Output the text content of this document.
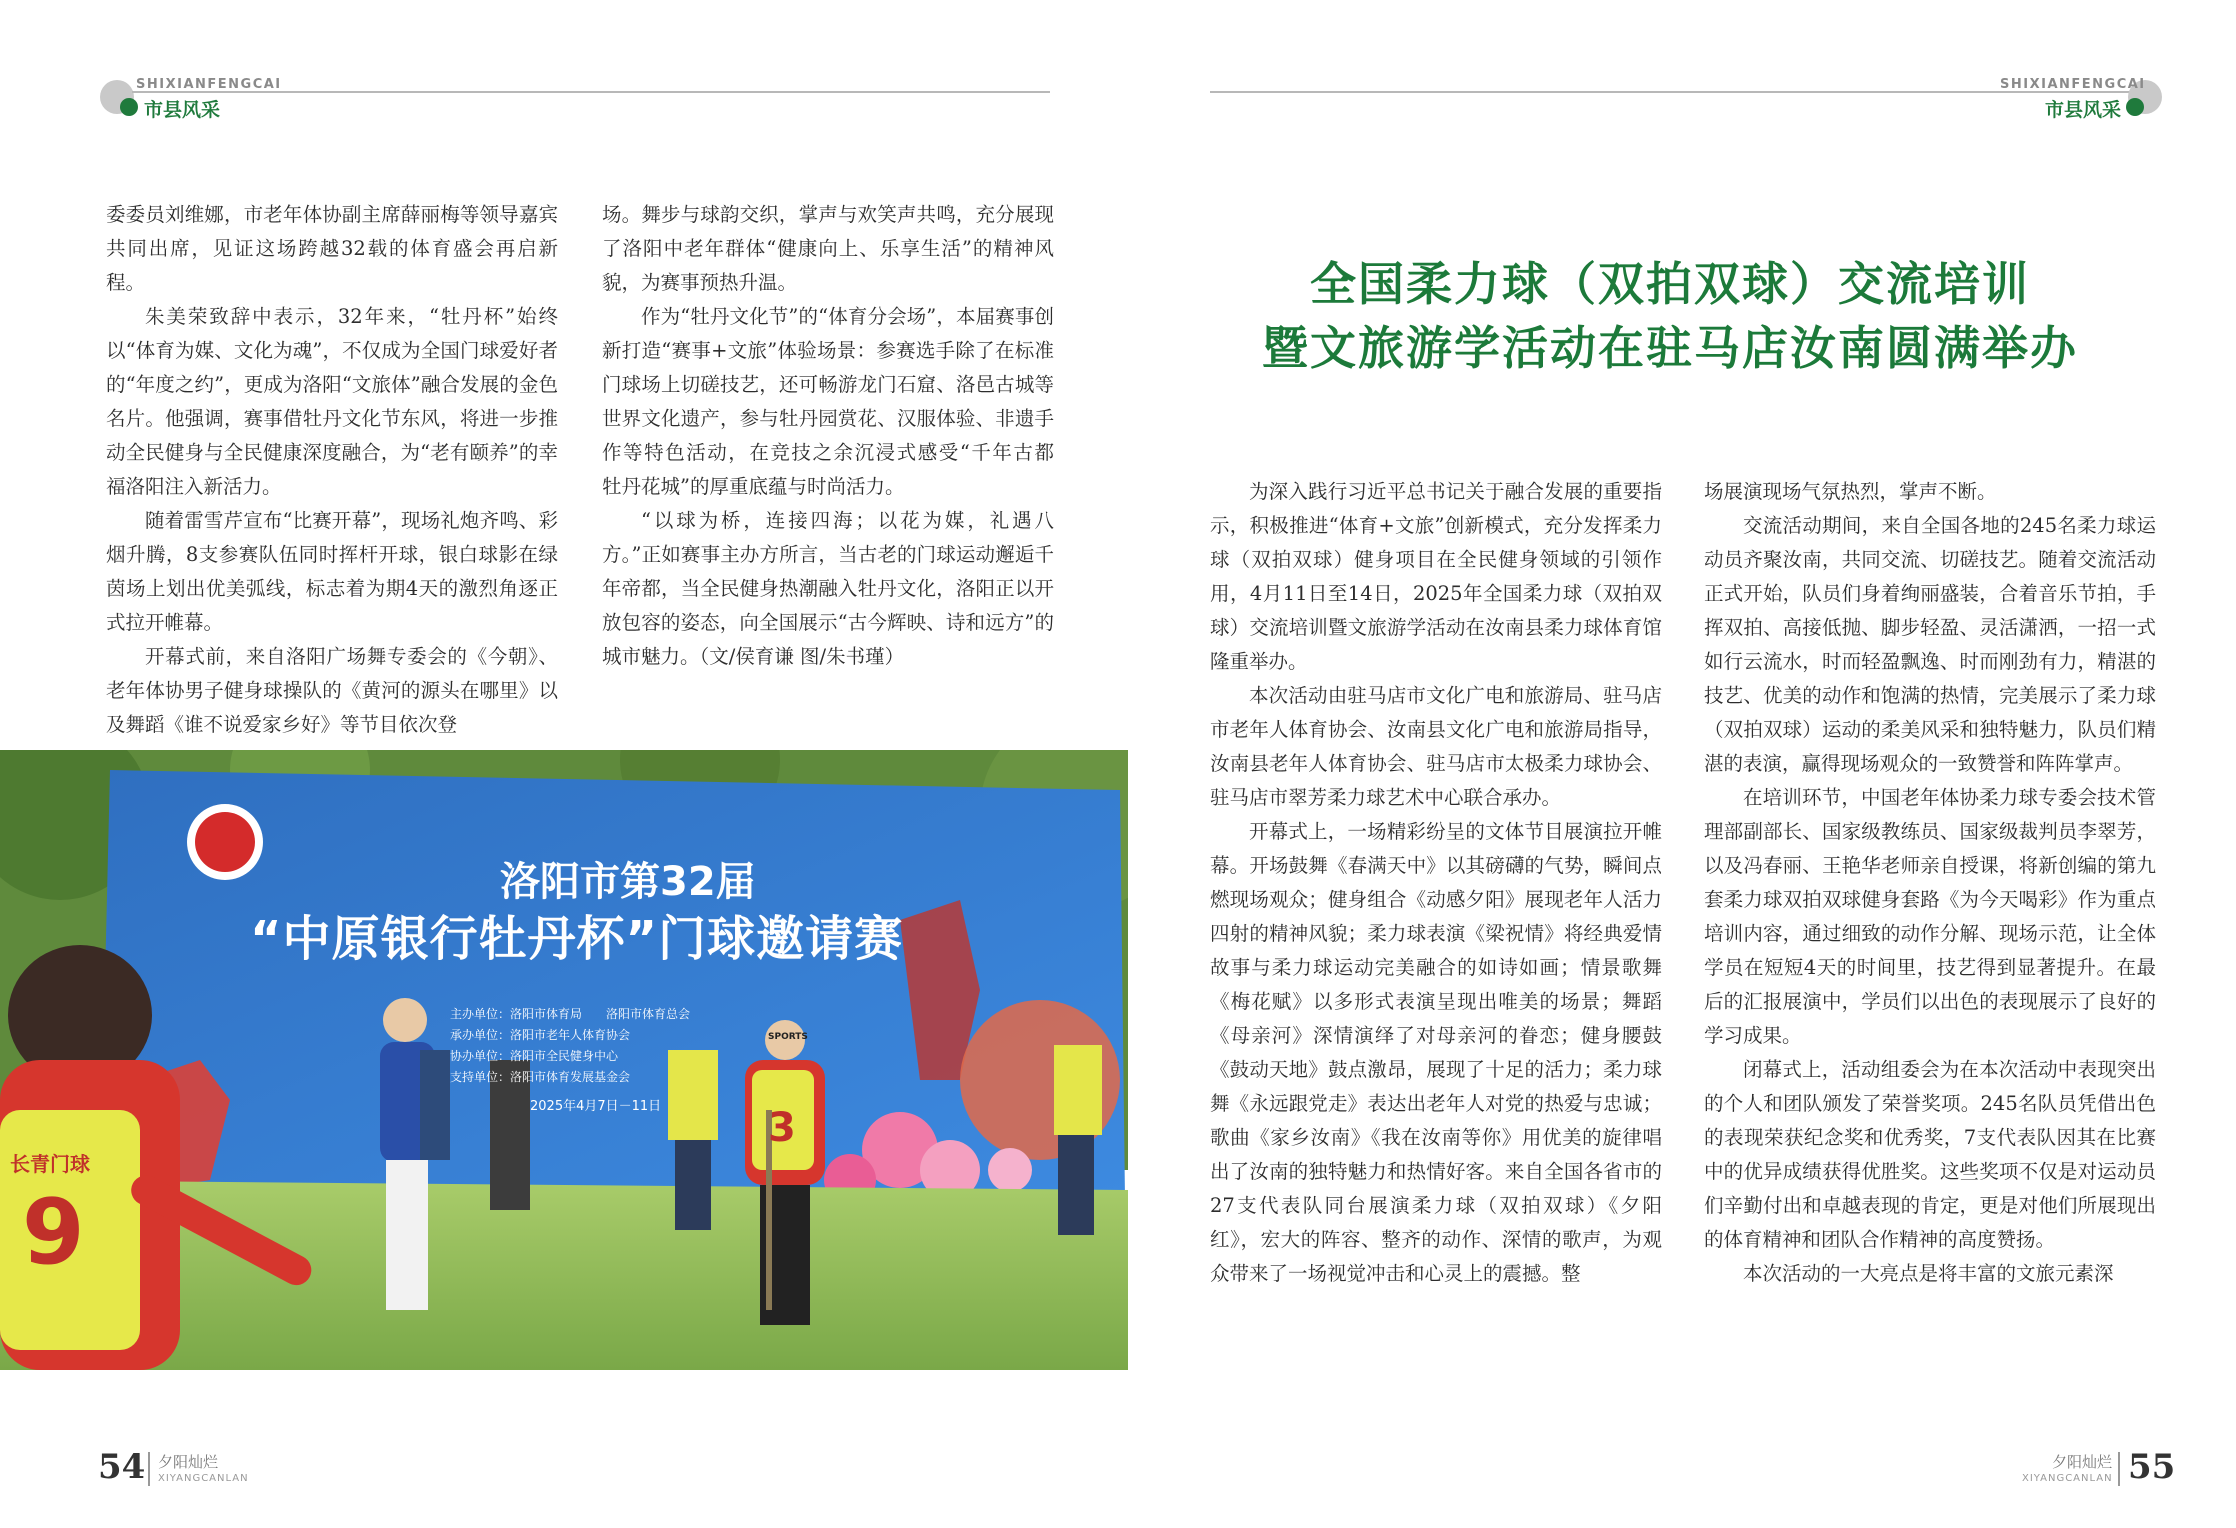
SHIXIANFENGCAI
市县风采
SHIXIANFENGCAI
市县风采

委委员刘维娜，市老年体协副主席薛丽梅等领导嘉宾共同出席，见证这场跨越32载的体育盛会再启新程。

朱美荣致辞中表示，32年来，“牡丹杯”始终以“体育为媒、文化为魂”，不仅成为全国门球爱好者的“年度之约”，更成为洛阳“文旅体”融合发展的金色名片。他强调，赛事借牡丹文化节东风，将进一步推动全民健身与全民健康深度融合，为“老有颐养”的幸福洛阳注入新活力。

随着雷雪芹宣布“比赛开幕”，现场礼炮齐鸣、彩烟升腾，8支参赛队伍同时挥杆开球，银白球影在绿茵场上划出优美弧线，标志着为期4天的激烈角逐正式拉开帷幕。

开幕式前，来自洛阳广场舞专委会的《今朝》、老年体协男子健身球操队的《黄河的源头在哪里》以及舞蹈《谁不说爱家乡好》等节目依次登

场。舞步与球韵交织，掌声与欢笑声共鸣，充分展现了洛阳中老年群体“健康向上、乐享生活”的精神风貌，为赛事预热升温。

作为“牡丹文化节”的“体育分会场”，本届赛事创新打造“赛事+文旅”体验场景：参赛选手除了在标准门球场上切磋技艺，还可畅游龙门石窟、洛邑古城等世界文化遗产，参与牡丹园赏花、汉服体验、非遗手作等特色活动，在竞技之余沉浸式感受“千年古都　牡丹花城”的厚重底蕴与时尚活力。

“以球为桥，连接四海；以花为媒，礼遇八方。”正如赛事主办方所言，当古老的门球运动邂逅千年帝都，当全民健身热潮融入牡丹文化，洛阳正以开放包容的姿态，向全国展示“古今辉映、诗和远方”的城市魅力。（文/侯育谦 图/朱书瑾）

洛阳市第32届
“中原银行牡丹杯”门球邀请赛
主办单位：洛阳市体育局　　洛阳市体育总会
承办单位：洛阳市老年人体育协会
协办单位：洛阳市全民健身中心
支持单位：洛阳市体育发展基金会
2025年4月7日－11日
长青门球
9
3
SPORTS
全国柔力球（双拍双球）交流培训
暨文旅游学活动在驻马店汝南圆满举办

为深入践行习近平总书记关于融合发展的重要指示，积极推进“体育+文旅”创新模式，充分发挥柔力球（双拍双球）健身项目在全民健身领域的引领作用，4月11日至14日，2025年全国柔力球（双拍双球）交流培训暨文旅游学活动在汝南县柔力球体育馆隆重举办。

本次活动由驻马店市文化广电和旅游局、驻马店市老年人体育协会、汝南县文化广电和旅游局指导，汝南县老年人体育协会、驻马店市太极柔力球协会、驻马店市翠芳柔力球艺术中心联合承办。

开幕式上，一场精彩纷呈的文体节目展演拉开帷幕。开场鼓舞《春满天中》以其磅礴的气势，瞬间点燃现场观众；健身组合《动感夕阳》展现老年人活力四射的精神风貌；柔力球表演《梁祝情》将经典爱情故事与柔力球运动完美融合的如诗如画；情景歌舞《梅花赋》以多形式表演呈现出唯美的场景；舞蹈《母亲河》深情演绎了对母亲河的眷恋；健身腰鼓《鼓动天地》鼓点激昂，展现了十足的活力；柔力球舞《永远跟党走》表达出老年人对党的热爱与忠诚；歌曲《家乡汝南》《我在汝南等你》用优美的旋律唱出了汝南的独特魅力和热情好客。来自全国各省市的27支代表队同台展演柔力球（双拍双球）《夕阳红》，宏大的阵容、整齐的动作、深情的歌声，为观众带来了一场视觉冲击和心灵上的震撼。整

场展演现场气氛热烈，掌声不断。

交流活动期间，来自全国各地的245名柔力球运动员齐聚汝南，共同交流、切磋技艺。随着交流活动正式开始，队员们身着绚丽盛装，合着音乐节拍，手挥双拍、高接低抛、脚步轻盈、灵活潇洒，一招一式如行云流水，时而轻盈飘逸、时而刚劲有力，精湛的技艺、优美的动作和饱满的热情，完美展示了柔力球（双拍双球）运动的柔美风采和独特魅力，队员们精湛的表演，赢得现场观众的一致赞誉和阵阵掌声。

在培训环节，中国老年体协柔力球专委会技术管理部副部长、国家级教练员、国家级裁判员李翠芳，以及冯春丽、王艳华老师亲自授课，将新创编的第九套柔力球双拍双球健身套路《为今天喝彩》作为重点培训内容，通过细致的动作分解、现场示范，让全体学员在短短4天的时间里，技艺得到显著提升。在最后的汇报展演中，学员们以出色的表现展示了良好的学习成果。

闭幕式上，活动组委会为在本次活动中表现突出的个人和团队颁发了荣誉奖项。245名队员凭借出色的表现荣获纪念奖和优秀奖，7支代表队因其在比赛中的优异成绩获得优胜奖。这些奖项不仅是对运动员们辛勤付出和卓越表现的肯定，更是对他们所展现出的体育精神和团队合作精神的高度赞扬。

本次活动的一大亮点是将丰富的文旅元素深

54 夕阳灿烂
XIYANGCANLAN
夕阳灿烂
XIYANGCANLAN 55
